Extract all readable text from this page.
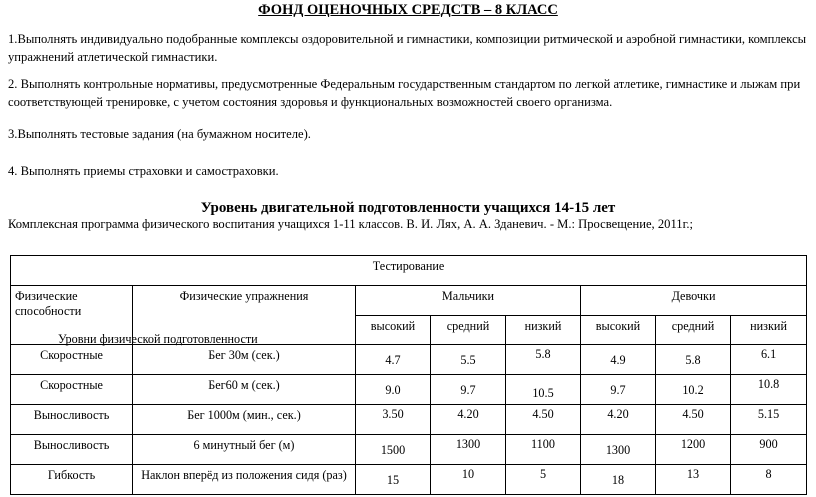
ФОНД ОЦЕНОЧНЫХ СРЕДСТВ – 8 КЛАСС
1.Выполнять индивидуально подобранные комплексы оздоровительной и гимнастики, композиции ритмической и аэробной гимнастики, комплексы упражнений атлетической гимнастики.
2. Выполнять контрольные нормативы, предусмотренные Федеральным государственным стандартом по легкой атлетике, гимнастике и лыжам при соответствующей тренировке, с учетом состояния здоровья и функциональных возможностей своего организма.
3.Выполнять тестовые задания (на бумажном носителе).
4. Выполнять приемы страховки и самостраховки.
Уровень двигательной подготовленности учащихся 14-15 лет
Комплексная программа физического воспитания учащихся 1-11 классов. В. И. Лях, А. А. Зданевич. - М.: Просвещение, 2011г.;
Тестирование							
Физические способности	Физические упражнения	Мальчики			Девочки		
		высокий	средний	низкий	высокий	средний	низкий
Скоростные	Бег 30м (сек.)	4.7	5.5	5.8	4.9	5.8	6.1
Скоростные	Бег60 м (сек.)	9.0	9.7	10.5	9.7	10.2	10.8
Выносливость	Бег 1000м (мин., сек.)	3.50	4.20	4.50	4.20	4.50	5.15
Выносливость	6 минутный бег (м)	1500	1300	1100	1300	1200	900
Гибкость	Наклон вперёд из положения сидя (раз)	15	10	5	18	13	8
Уровни физической подготовленности
